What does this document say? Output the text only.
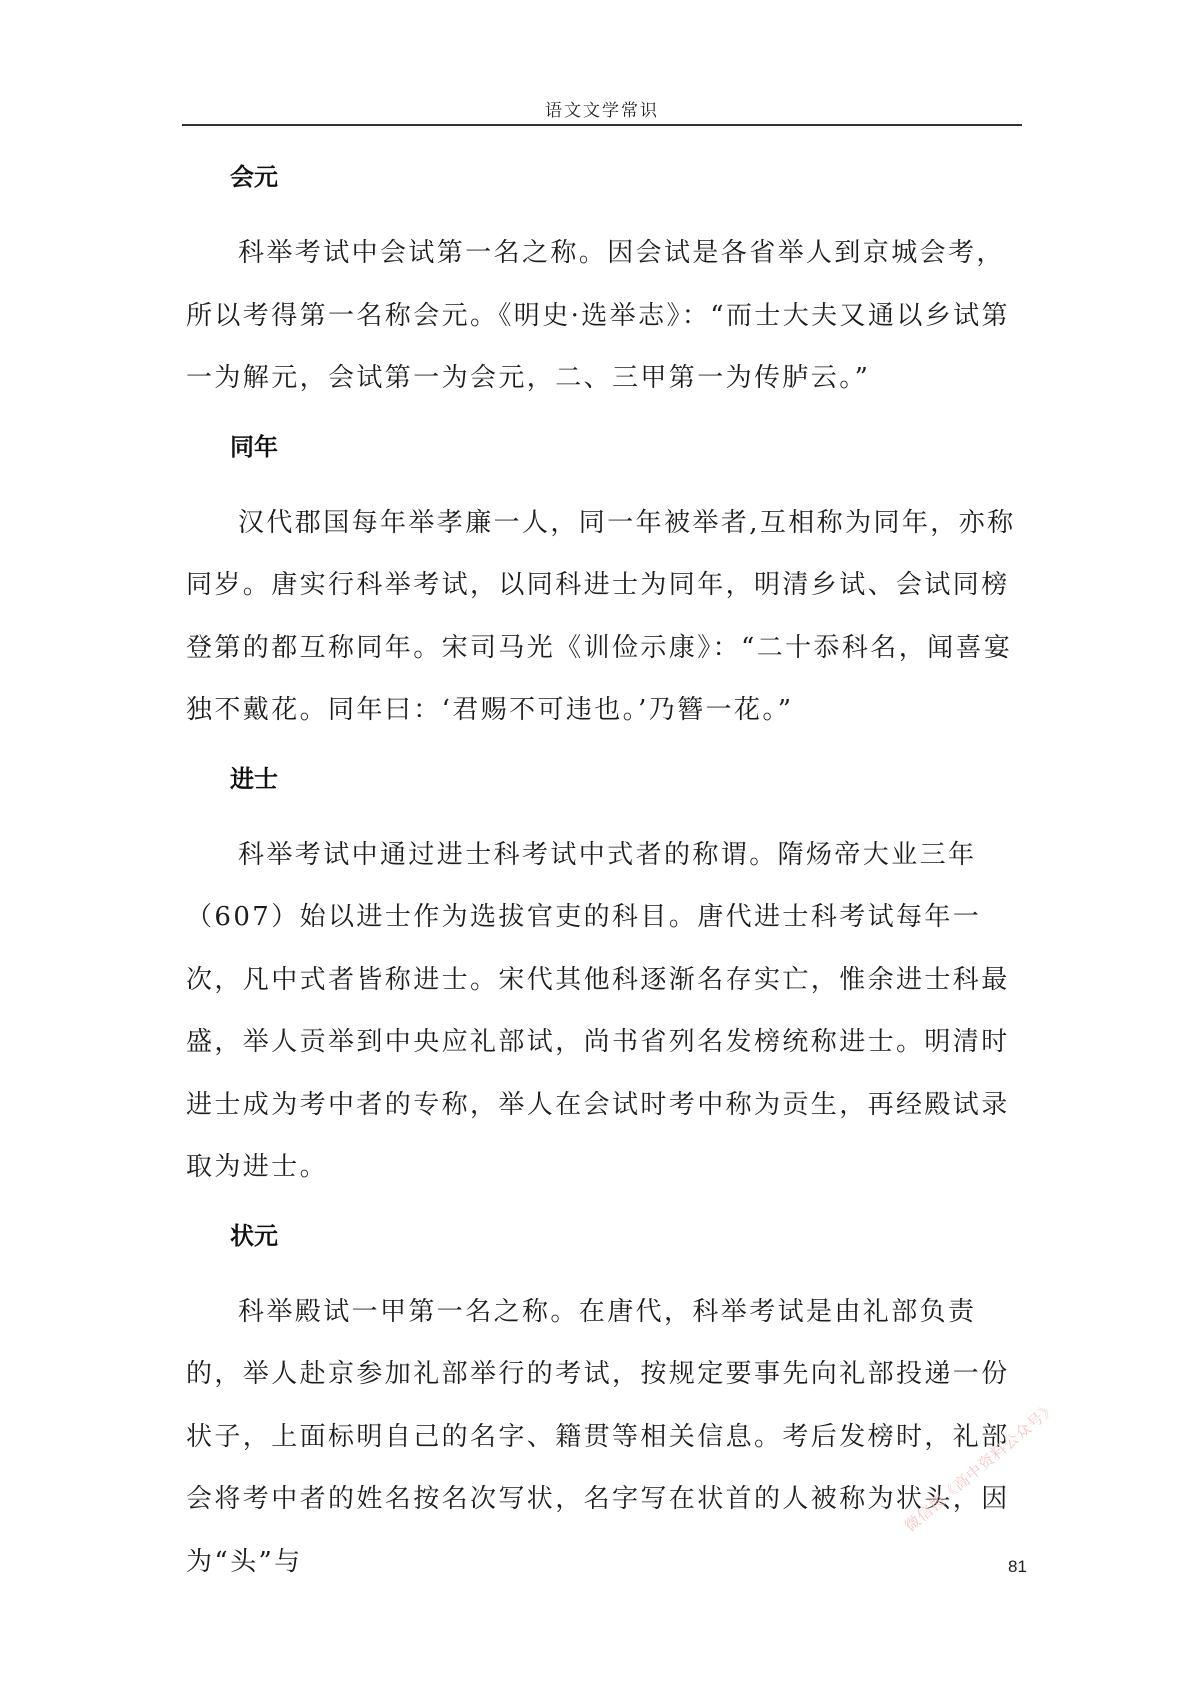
语文文学常识
会元

科举考试中会试第一名之称。因会试是各省举人到京城会考，所以考得第一名称会元。《明史·选举志》：“而士大夫又通以乡试第一为解元，会试第一为会元，二、三甲第一为传胪云。”

同年

汉代郡国每年举孝廉一人，同一年被举者,互相称为同年，亦称同岁。唐实行科举考试，以同科进士为同年，明清乡试、会试同榜登第的都互称同年。宋司马光《训俭示康》：“二十忝科名，闻喜宴独不戴花。同年曰：‘君赐不可违也。’乃簪一花。”

进士

科举考试中通过进士科考试中式者的称谓。隋炀帝大业三年（607）始以进士作为选拔官吏的科目。唐代进士科考试每年一次，凡中式者皆称进士。宋代其他科逐渐名存实亡，惟余进士科最盛，举人贡举到中央应礼部试，尚书省列名发榜统称进士。明清时进士成为考中者的专称，举人在会试时考中称为贡生，再经殿试录取为进士。

状元

科举殿试一甲第一名之称。在唐代，科举考试是由礼部负责的，举人赴京参加礼部举行的考试，按规定要事先向礼部投递一份状子，上面标明自己的名字、籍贯等相关信息。考后发榜时，礼部会将考中者的姓名按名次写状，名字写在状首的人被称为状头，因为“头”与	81
微信搜《高中资料公众号》
